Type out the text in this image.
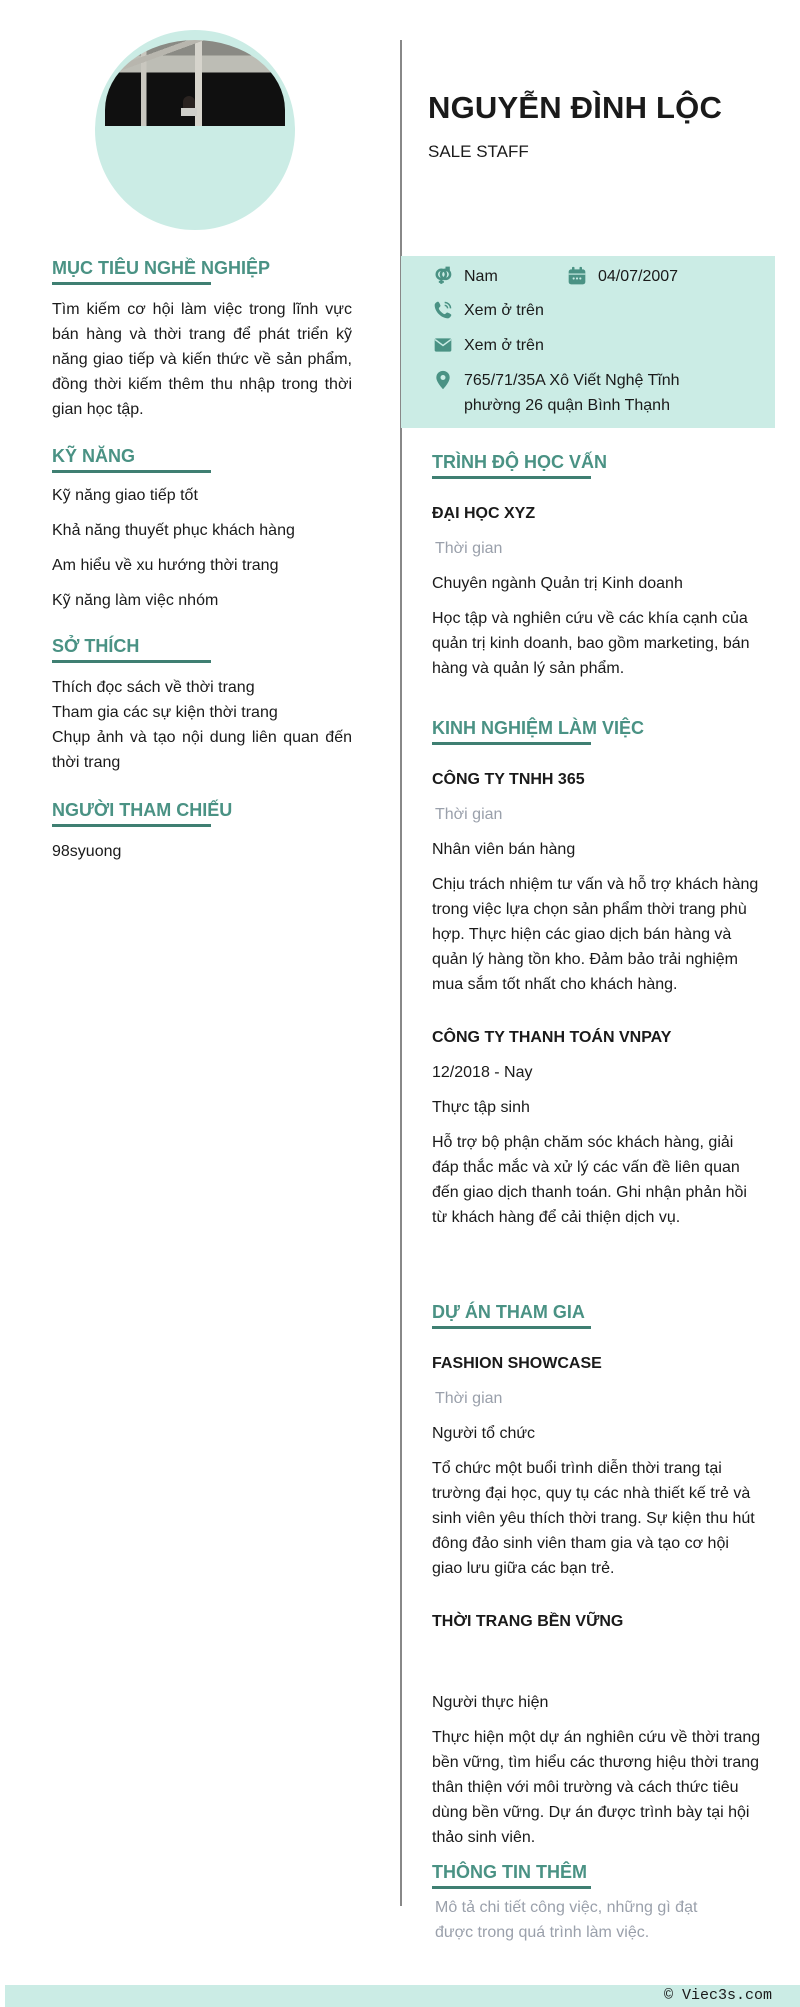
MỤC TIÊU NGHỀ NGHIỆP
Tìm kiếm cơ hội làm việc trong lĩnh vực bán hàng và thời trang để phát triển kỹ năng giao tiếp và kiến thức về sản phẩm, đồng thời kiếm thêm thu nhập trong thời gian học tập.
KỸ NĂNG
Kỹ năng giao tiếp tốt
Khả năng thuyết phục khách hàng
Am hiểu về xu hướng thời trang
Kỹ năng làm việc nhóm
SỞ THÍCH
Thích đọc sách về thời trang
Tham gia các sự kiện thời trang
Chụp ảnh và tạo nội dung liên quan đến thời trang
NGƯỜI THAM CHIẾU
98syuong
NGUYỄN ĐÌNH LỘC
SALE STAFF
Nam	04/07/2007
Xem ở trên
Xem ở trên
765/71/35A Xô Viết Nghệ Tĩnh
phường 26 quận Bình Thạnh
TRÌNH ĐỘ HỌC VẤN
ĐẠI HỌC XYZ
Thời gian
Chuyên ngành Quản trị Kinh doanh
Học tập và nghiên cứu về các khía cạnh của quản trị kinh doanh, bao gồm marketing, bán hàng và quản lý sản phẩm.
KINH NGHIỆM LÀM VIỆC
CÔNG TY TNHH 365
Thời gian
Nhân viên bán hàng
Chịu trách nhiệm tư vấn và hỗ trợ khách hàng trong việc lựa chọn sản phẩm thời trang phù hợp. Thực hiện các giao dịch bán hàng và quản lý hàng tồn kho. Đảm bảo trải nghiệm mua sắm tốt nhất cho khách hàng.
CÔNG TY THANH TOÁN VNPAY
12/2018 - Nay
Thực tập sinh
Hỗ trợ bộ phận chăm sóc khách hàng, giải đáp thắc mắc và xử lý các vấn đề liên quan đến giao dịch thanh toán. Ghi nhận phản hồi từ khách hàng để cải thiện dịch vụ.
DỰ ÁN THAM GIA
FASHION SHOWCASE
Thời gian
Người tổ chức
Tổ chức một buổi trình diễn thời trang tại trường đại học, quy tụ các nhà thiết kế trẻ và sinh viên yêu thích thời trang. Sự kiện thu hút đông đảo sinh viên tham gia và tạo cơ hội giao lưu giữa các bạn trẻ.
THỜI TRANG BỀN VỮNG
Người thực hiện
Thực hiện một dự án nghiên cứu về thời trang bền vững, tìm hiểu các thương hiệu thời trang thân thiện với môi trường và cách thức tiêu dùng bền vững. Dự án được trình bày tại hội thảo sinh viên.
THÔNG TIN THÊM
Mô tả chi tiết công việc, những gì đạt được trong quá trình làm việc.
© Viec3s.com
